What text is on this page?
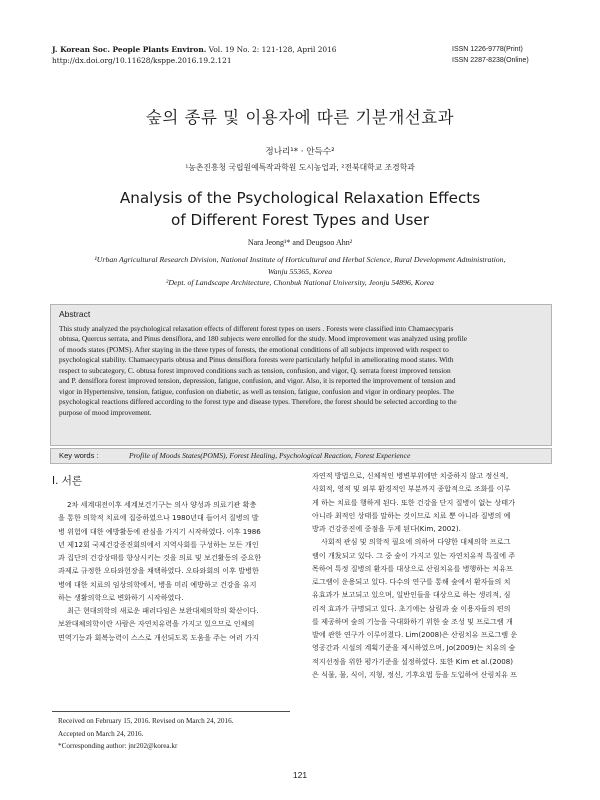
J. Korean Soc. People Plants Environ. Vol. 19 No. 2: 121-128, April 2016
http://dx.doi.org/10.11628/ksppe.2016.19.2.121
ISSN 1226-9778(Print)
ISSN 2287-8238(Online)
숲의 종류 및 이용자에 따른 기분개선효과
정나리¹* · 안득수²
¹농촌진흥청 국립원예특작과학원 도시농업과, ²전북대학교 조경학과
Analysis of the Psychological Relaxation Effects
of Different Forest Types and User
Nara Jeong¹* and Deugsoo Ahn²
¹Urban Agricultural Research Division, National Institute of Horticultural and Herbal Science, Rural Development Administration,
Wanju 55365, Korea
²Dept. of Landscape Architecture, Chonbuk National University, Jeonju 54896, Korea
Abstract
This study analyzed the psychological relaxation effects of different forest types on users . Forests were classified into Chamaecyparis
obtusa, Quercus serrata, and Pinus densiflora, and 180 subjects were enrolled for the study. Mood improvement was analyzed using profile
of moods states (POMS). After staying in the three types of forests, the emotional conditions of all subjects improved with respect to
psychological stability. Chamaecyparis obtusa and Pinus densiflora forests were particularly helpful in ameliorating mood states. With
respect to subcategory, C. obtusa forest improved conditions such as tension, confusion, and vigor, Q. serrata forest improved tension
and P. densiflora forest improved tension, depression, fatigue, confusion, and vigor. Also, it is reported the improvement of tension and
vigor in Hypertensive, tension, fatigue, confusion on diabetic, as well as tension, fatigue, confusion and vigor in ordinary peoples. The
psychological reactions differed according to the forest type and disease types. Therefore, the forest should be selected according to the
purpose of mood improvement.
Key words :	Profile of Moods States(POMS), Forest Healing, Psychological Reaction, Forest Experience
Ⅰ. 서론

2차 세계대전이후 세계보건기구는 의사 양성과 의료기관 확충

을 통한 의학적 치료에 집중하였으나 1980년대 들어서 질병의 발

병 위험에 대한 예방활동에 관심을 가지기 시작하였다. 이후 1986

년 제12회 국제건강증진회의에서 지역사회를 구성하는 모든 개인

과 집단의 건강상태를 향상시키는 것을 의료 및 보건활동의 중요한

과제로 규정한 오타와헌장을 채택하였다. 오타와회의 이후 발병한

병에 대한 치료의 임상의학에서, 병을 미리 예방하고 건강을 유지

하는 생활의학으로 변화하기 시작하였다.

최근 현대의학의 새로운 패러다임은 보완대체의학의 확산이다.

보완대체의학이란 사람은 자연치유력을 가지고 있으므로 인체의

면역기능과 회복능력이 스스로 개선되도록 도움을 주는 여러 가지

자연적 방법으로, 신체적인 병변부위에만 치중하지 않고 정신적,

사회적, 영적 및 외부 환경적인 부분까지 종합적으로 조화를 이루

게 하는 치료를 행하게 된다. 또한 건강을 단지 질병이 없는 상태가

아니라 최적인 상태를 말하는 것이므로 치료 뿐 아니라 질병의 예

방과 건강증진에 중점을 두게 된다(Kim, 2002).

사회적 관심 및 의학적 필요에 의하여 다양한 대체의학 프로그

램이 개发되고 있다. 그 중 숲이 가지고 있는 자연치유적 특질에 주

목하여 특정 질병의 환자를 대상으로 산림치유를 병행하는 치유프

로그램이 운용되고 있다. 다수의 연구를 통해 숲에서 환자들의 치

유효과가 보고되고 있으며, 일반인들을 대상으로 하는 생리적, 심

리적 효과가 규명되고 있다. 초기에는 삼림과 숲 이용자들의 편의

를 제공하며 숲의 기능을 극대화하기 위한 숲 조성 및 프로그램 개

발에 관한 연구가 이루어졌다. Lim(2008)은 산림치유 프로그램 운

영공간과 시설의 계획기준을 제시하였으며, Jo(2009)는 치유의 숲

적지선정을 위한 평가기준을 설정하였다. 또한 Kim et al.(2008)

은 식물, 물, 식이, 지형, 정신, 기후요법 등을 도입하여 산림치유 프

Received on February 15, 2016. Revised on March 24, 2016.
Accepted on March 24, 2016.
*Corresponding author: jnr202@korea.kr
121
